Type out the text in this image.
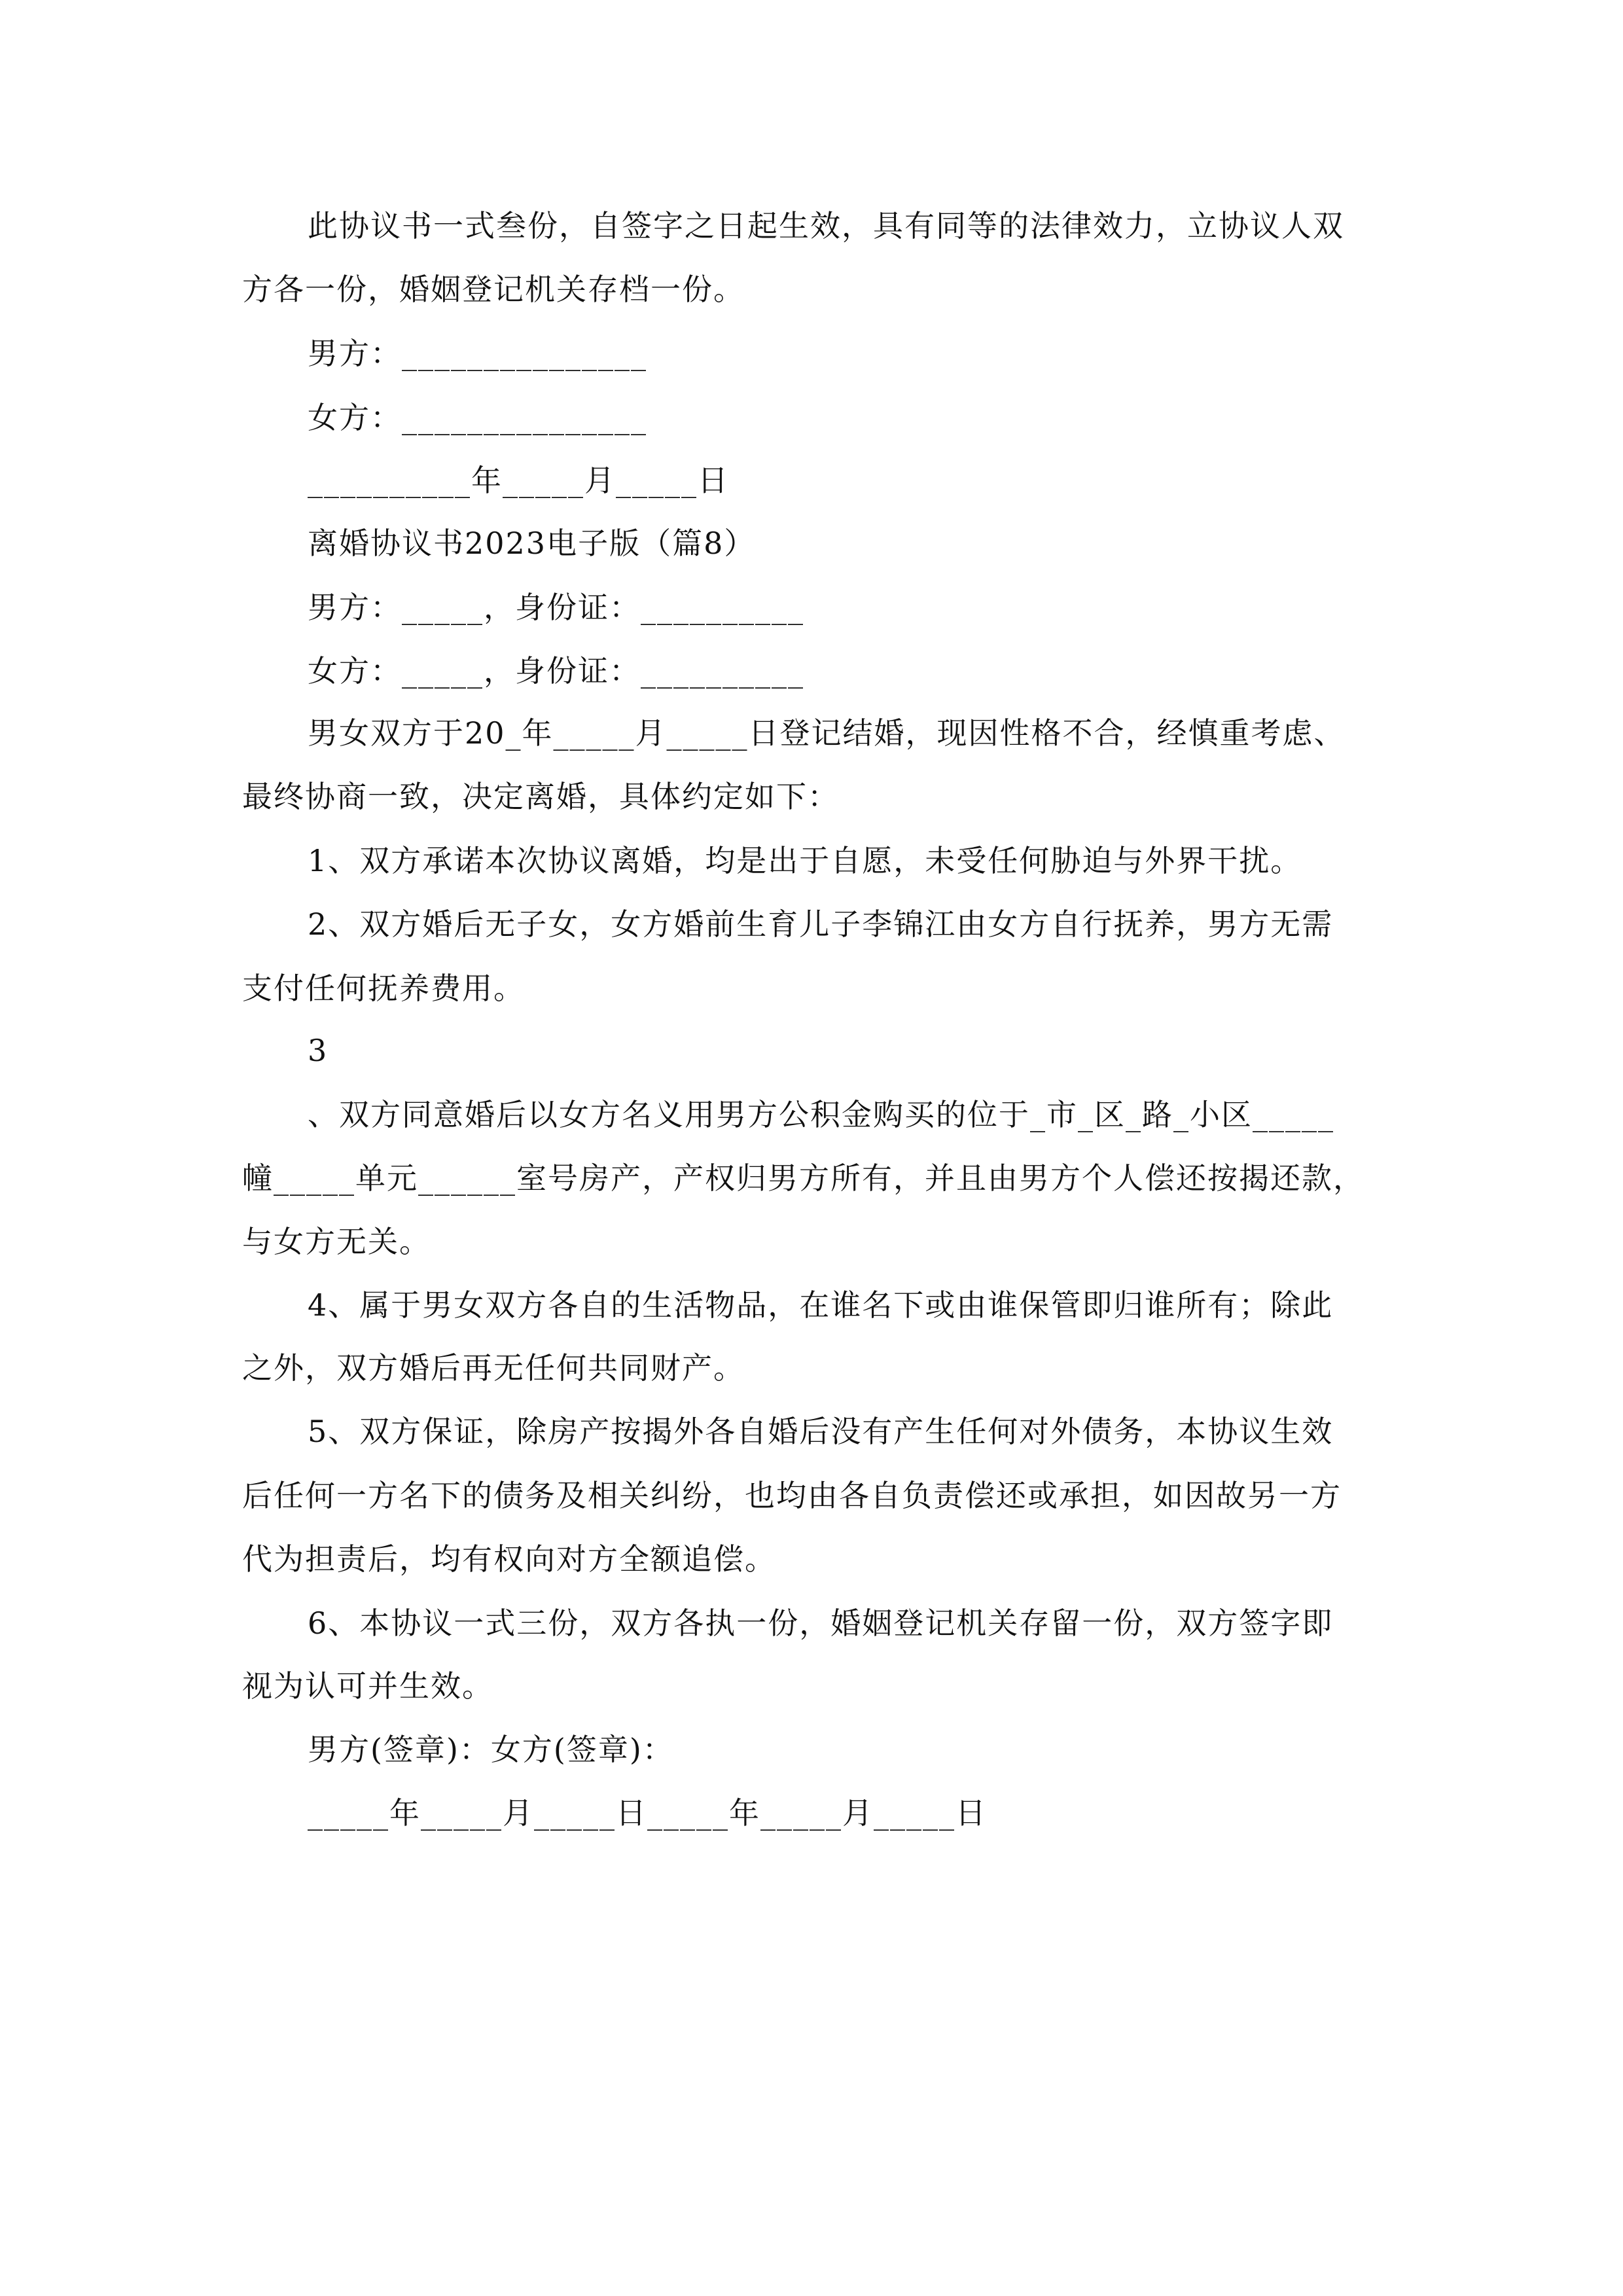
此协议书一式叁份，自签字之日起生效，具有同等的法律效力，立协议人双
方各一份，婚姻登记机关存档一份。
男方：_______________
女方：_______________
__________年_____月_____日
离婚协议书2023电子版（篇8）
男方：_____，身份证：__________
女方：_____，身份证：__________
男女双方于20_年_____月_____日登记结婚，现因性格不合，经慎重考虑、
最终协商一致，决定离婚，具体约定如下：
1、双方承诺本次协议离婚，均是出于自愿，未受任何胁迫与外界干扰。
2、双方婚后无子女，女方婚前生育儿子李锦江由女方自行抚养，男方无需
支付任何抚养费用。
3
、双方同意婚后以女方名义用男方公积金购买的位于_市_区_路_小区_____
幢_____单元______室号房产，产权归男方所有，并且由男方个人偿还按揭还款，
与女方无关。
4、属于男女双方各自的生活物品，在谁名下或由谁保管即归谁所有；除此
之外，双方婚后再无任何共同财产。
5、双方保证，除房产按揭外各自婚后没有产生任何对外债务，本协议生效
后任何一方名下的债务及相关纠纷，也均由各自负责偿还或承担，如因故另一方
代为担责后，均有权向对方全额追偿。
6、本协议一式三份，双方各执一份，婚姻登记机关存留一份，双方签字即
视为认可并生效。
男方(签章)：女方(签章)：
_____年_____月_____日_____年_____月_____日
